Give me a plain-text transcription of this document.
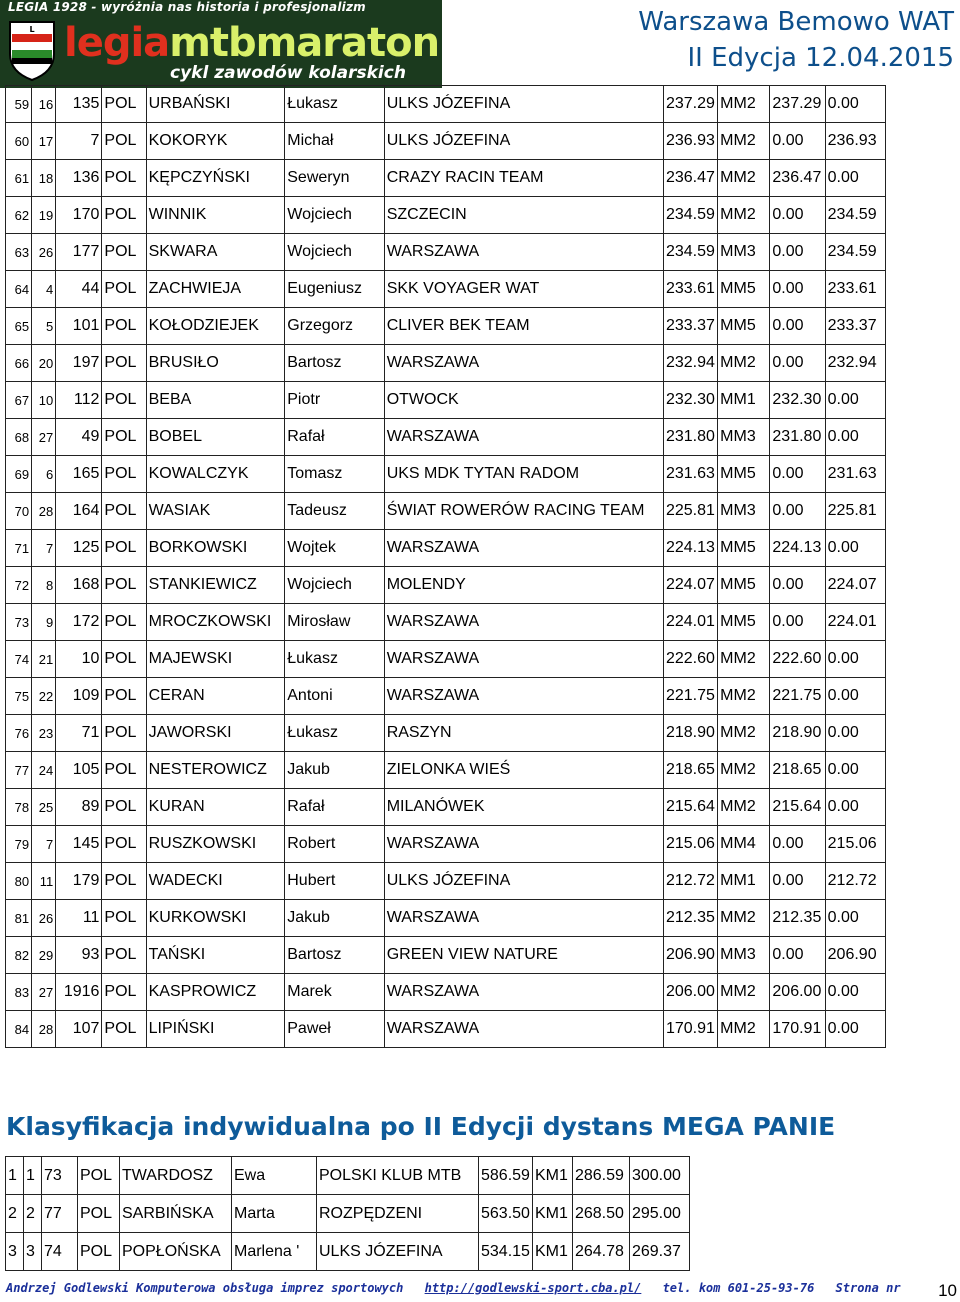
LEGIA 1928 - wyróżnia nas historia i profesjonalizm
L legiamtbmaraton
cykl zawodów kolarskich
Warszawa Bemowo WAT
II Edycja 12.04.2015
59	16	135	POL	URBAŃSKI	Łukasz	ULKS JÓZEFINA	237.29	MM2	237.29	0.00
60	17	7	POL	KOKORYK	Michał	ULKS JÓZEFINA	236.93	MM2	0.00	236.93
61	18	136	POL	KĘPCZYŃSKI	Seweryn	CRAZY RACIN TEAM	236.47	MM2	236.47	0.00
62	19	170	POL	WINNIK	Wojciech	SZCZECIN	234.59	MM2	0.00	234.59
63	26	177	POL	SKWARA	Wojciech	WARSZAWA	234.59	MM3	0.00	234.59
64	4	44	POL	ZACHWIEJA	Eugeniusz	SKK VOYAGER WAT	233.61	MM5	0.00	233.61
65	5	101	POL	KOŁODZIEJEK	Grzegorz	CLIVER BEK TEAM	233.37	MM5	0.00	233.37
66	20	197	POL	BRUSIŁO	Bartosz	WARSZAWA	232.94	MM2	0.00	232.94
67	10	112	POL	BEBA	Piotr	OTWOCK	232.30	MM1	232.30	0.00
68	27	49	POL	BOBEL	Rafał	WARSZAWA	231.80	MM3	231.80	0.00
69	6	165	POL	KOWALCZYK	Tomasz	UKS MDK TYTAN RADOM	231.63	MM5	0.00	231.63
70	28	164	POL	WASIAK	Tadeusz	ŚWIAT ROWERÓW RACING TEAM	225.81	MM3	0.00	225.81
71	7	125	POL	BORKOWSKI	Wojtek	WARSZAWA	224.13	MM5	224.13	0.00
72	8	168	POL	STANKIEWICZ	Wojciech	MOLENDY	224.07	MM5	0.00	224.07
73	9	172	POL	MROCZKOWSKI	Mirosław	WARSZAWA	224.01	MM5	0.00	224.01
74	21	10	POL	MAJEWSKI	Łukasz	WARSZAWA	222.60	MM2	222.60	0.00
75	22	109	POL	CERAN	Antoni	WARSZAWA	221.75	MM2	221.75	0.00
76	23	71	POL	JAWORSKI	Łukasz	RASZYN	218.90	MM2	218.90	0.00
77	24	105	POL	NESTEROWICZ	Jakub	ZIELONKA WIEŚ	218.65	MM2	218.65	0.00
78	25	89	POL	KURAN	Rafał	MILANÓWEK	215.64	MM2	215.64	0.00
79	7	145	POL	RUSZKOWSKI	Robert	WARSZAWA	215.06	MM4	0.00	215.06
80	11	179	POL	WADECKI	Hubert	ULKS JÓZEFINA	212.72	MM1	0.00	212.72
81	26	11	POL	KURKOWSKI	Jakub	WARSZAWA	212.35	MM2	212.35	0.00
82	29	93	POL	TAŃSKI	Bartosz	GREEN VIEW NATURE	206.90	MM3	0.00	206.90
83	27	1916	POL	KASPROWICZ	Marek	WARSZAWA	206.00	MM2	206.00	0.00
84	28	107	POL	LIPIŃSKI	Paweł	WARSZAWA	170.91	MM2	170.91	0.00
Klasyfikacja indywidualna po II Edycji dystans MEGA PANIE
1	1	73	POL	TWARDOSZ	Ewa	POLSKI KLUB MTB	586.59	KM1	286.59	300.00
2	2	77	POL	SARBIŃSKA	Marta	ROZPĘDZENI	563.50	KM1	268.50	295.00
3	3	74	POL	POPŁOŃSKA	Marlena '	ULKS JÓZEFINA	534.15	KM1	264.78	269.37
Andrzej Godlewski Komputerowa obsługa imprez sportowych http://godlewski-sport.cba.pl/ tel. kom 601-25-93-76 Strona nr	10
